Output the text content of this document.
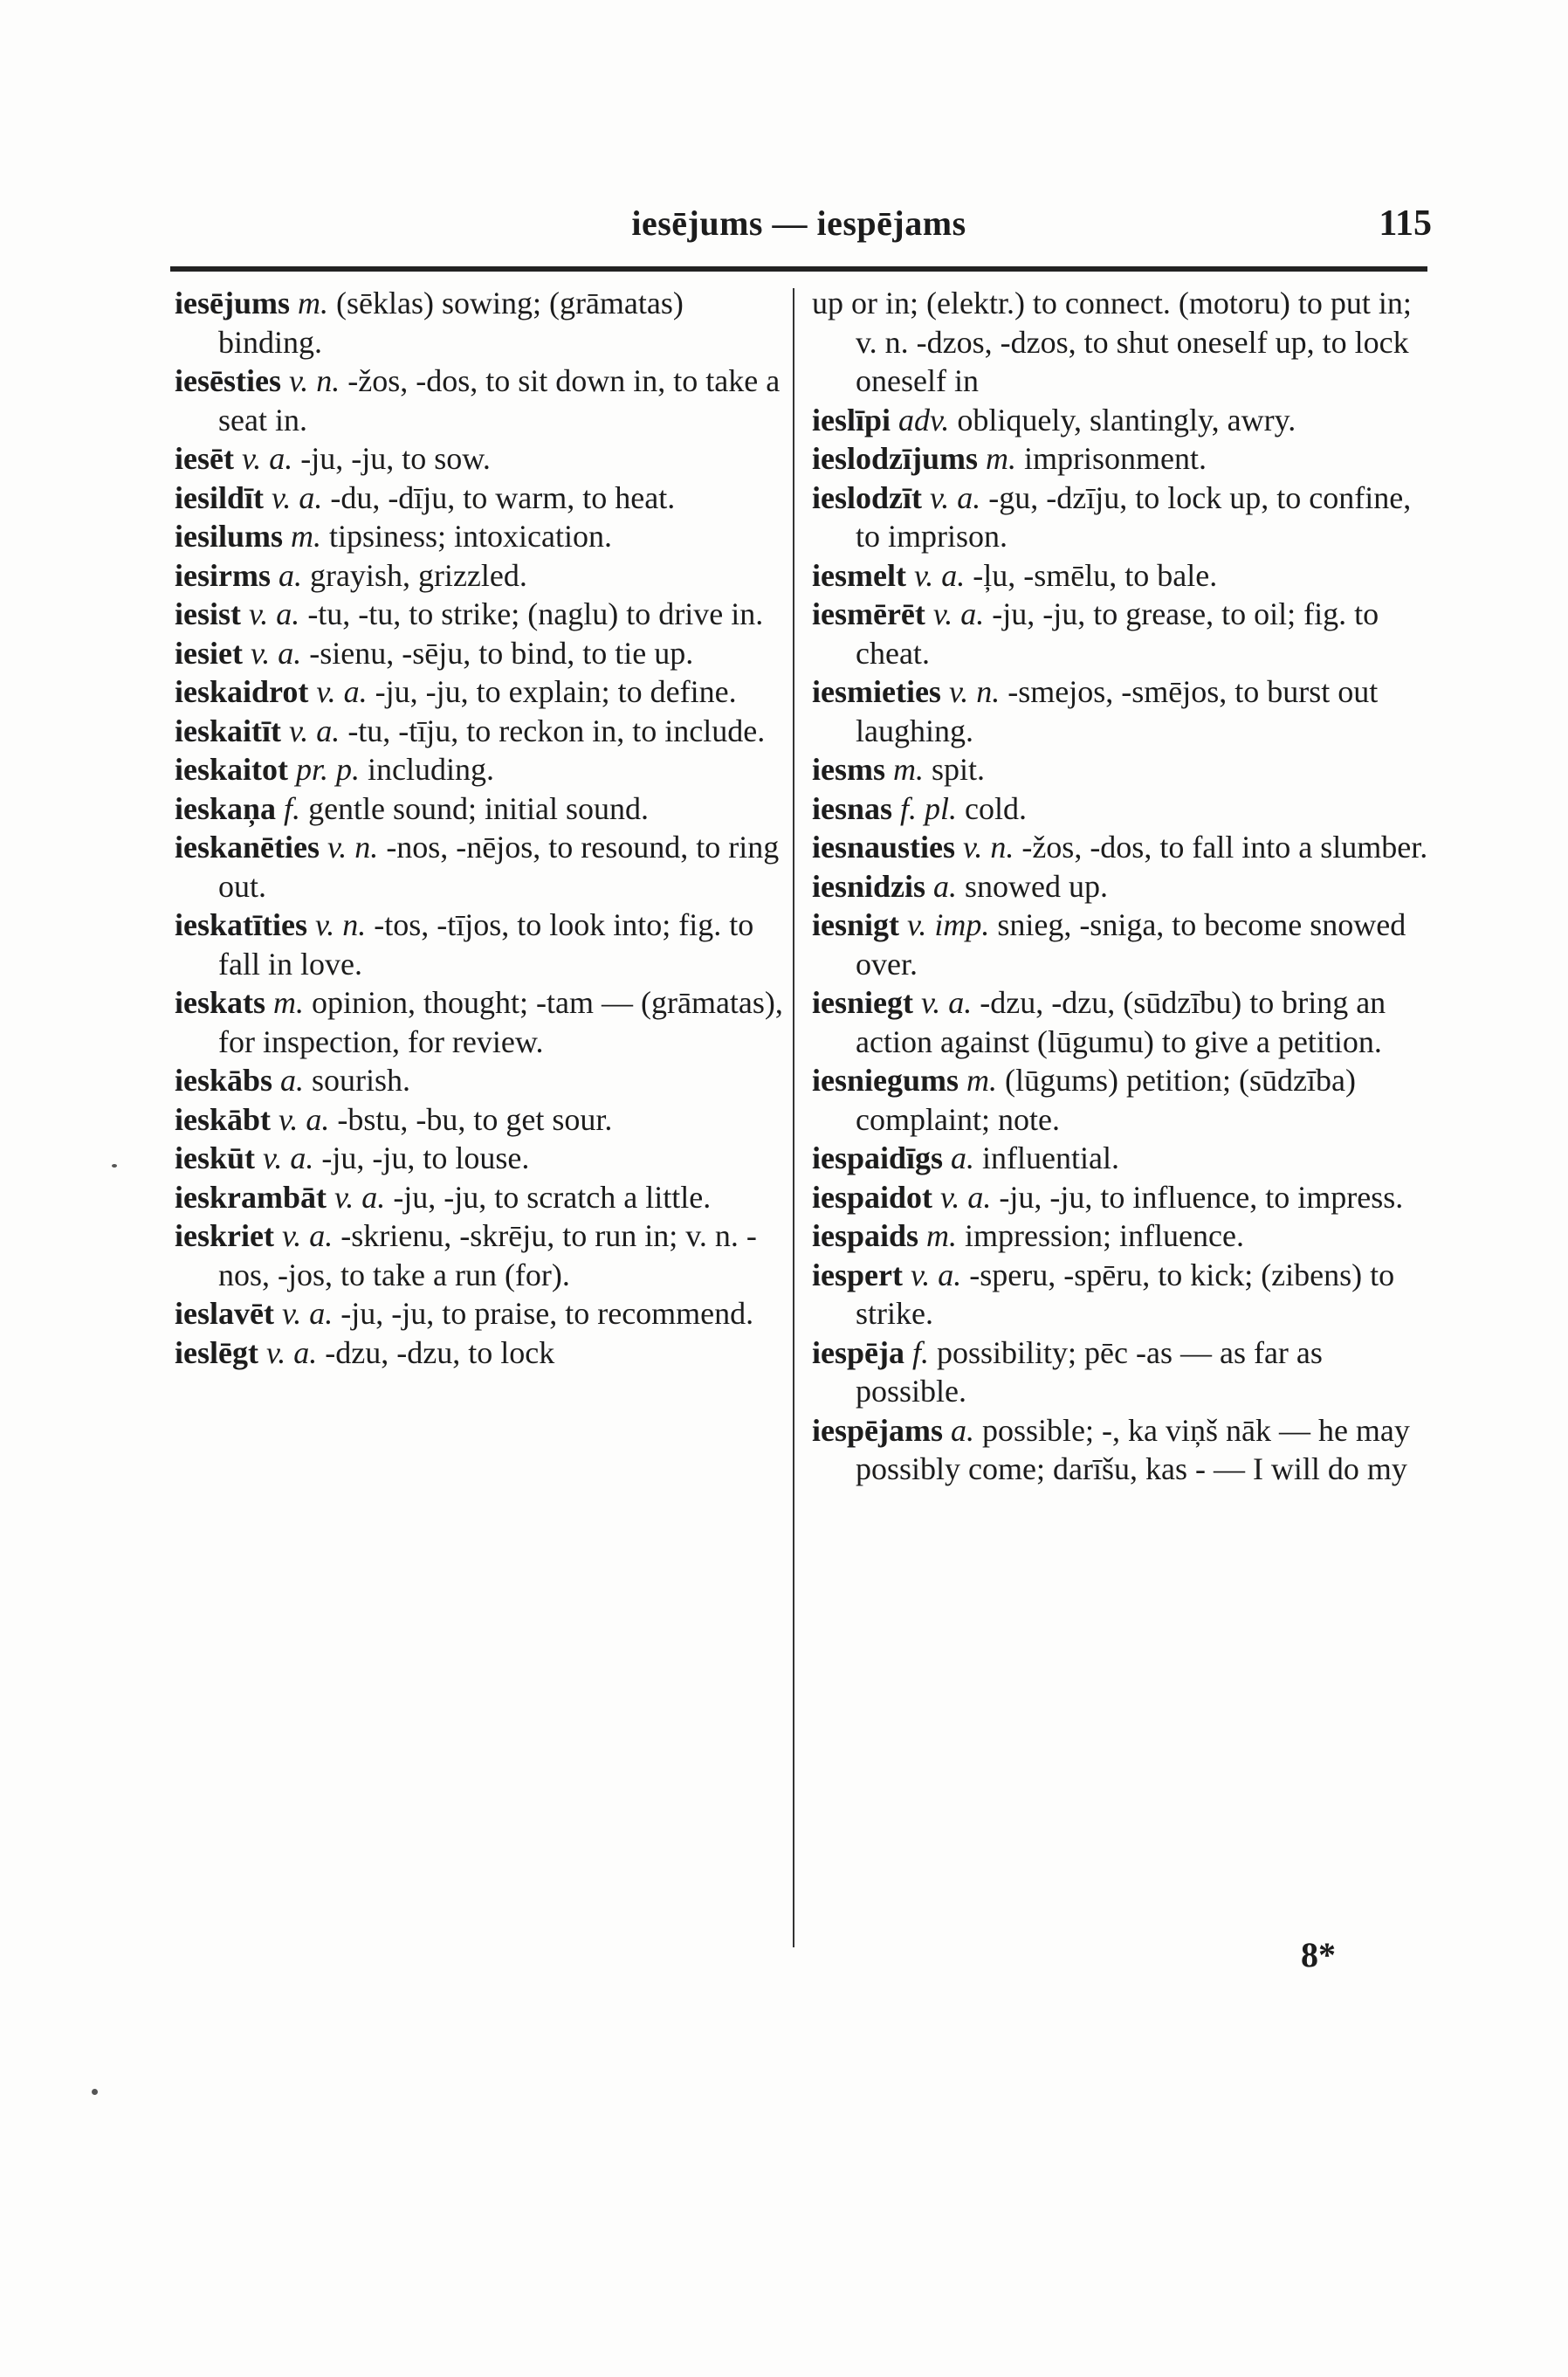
iesējums — iespējams	115

iesējums m. (sēklas) sowing; (grāmatas) binding.

iesēsties v. n. -žos, -dos, to sit down in, to take a seat in.

iesēt v. a. -ju, -ju, to sow.

iesildīt v. a. -du, -dīju, to warm, to heat.

iesilums m. tipsiness; intoxication.

iesirms a. grayish, grizzled.

iesist v. a. -tu, -tu, to strike; (naglu) to drive in.

iesiet v. a. -sienu, -sēju, to bind, to tie up.

ieskaidrot v. a. -ju, -ju, to explain; to define.

ieskaitīt v. a. -tu, -tīju, to reckon in, to include.

ieskaitot pr. p. including.

ieskaņa f. gentle sound; initial sound.

ieskanēties v. n. -nos, -nējos, to resound, to ring out.

ieskatīties v. n. -tos, -tījos, to look into; fig. to fall in love.

ieskats m. opinion, thought; -tam — (grāmatas), for inspection, for review.

ieskābs a. sourish.

ieskābt v. a. -bstu, -bu, to get sour.

ieskūt v. a. -ju, -ju, to louse.

ieskrambāt v. a. -ju, -ju, to scratch a little.

ieskriet v. a. -skrienu, -skrēju, to run in; v. n. -nos, -jos, to take a run (for).

ieslavēt v. a. -ju, -ju, to praise, to recommend.

ieslēgt v. a. -dzu, -dzu, to lock

up or in; (elektr.) to connect. (motoru) to put in; v. n. -dzos, -dzos, to shut oneself up, to lock oneself in

ieslīpi adv. obliquely, slantingly, awry.

ieslodzījums m. imprisonment.

ieslodzīt v. a. -gu, -dzīju, to lock up, to confine, to imprison.

iesmelt v. a. -ļu, -smēlu, to bale.

iesmērēt v. a. -ju, -ju, to grease, to oil; fig. to cheat.

iesmieties v. n. -smejos, -smējos, to burst out laughing.

iesms m. spit.

iesnas f. pl. cold.

iesnausties v. n. -žos, -dos, to fall into a slumber.

iesnidzis a. snowed up.

iesnigt v. imp. snieg, -sniga, to become snowed over.

iesniegt v. a. -dzu, -dzu, (sūdzību) to bring an action against (lūgumu) to give a petition.

iesniegums m. (lūgums) petition; (sūdzība) complaint; note.

iespaidīgs a. influential.

iespaidot v. a. -ju, -ju, to influence, to impress.

iespaids m. impression; influence.

iespert v. a. -speru, -spēru, to kick; (zibens) to strike.

iespēja f. possibility; pēc -as — as far as possible.

iespējams a. possible; -, ka viņš nāk — he may possibly come; darīšu, kas - — I will do my

8*
